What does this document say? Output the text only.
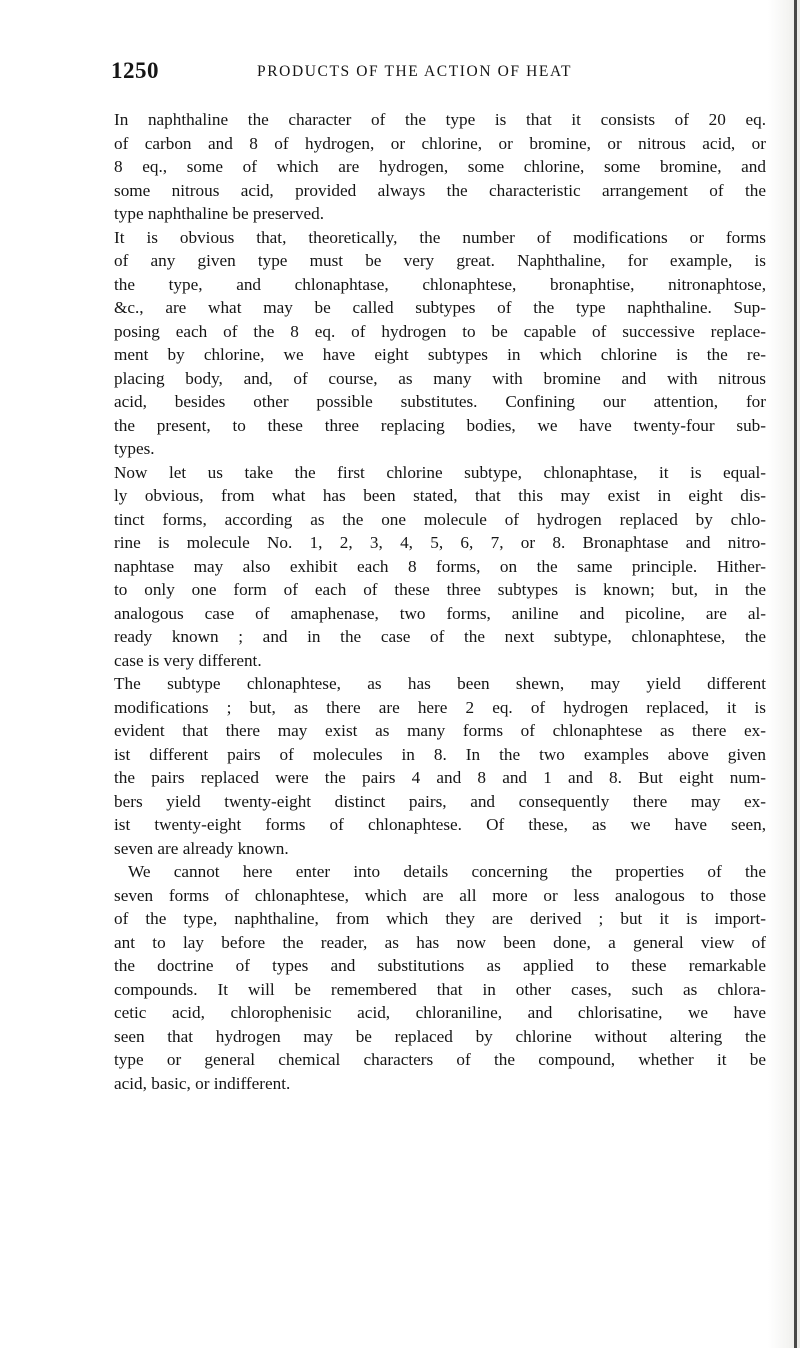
1250	PRODUCTS OF THE ACTION OF HEAT
In naphthaline the character of the type is that it consists of 20 eq.
of carbon and 8 of hydrogen, or chlorine, or bromine, or nitrous acid, or
8 eq., some of which are hydrogen, some chlorine, some bromine, and
some nitrous acid, provided always the characteristic arrangement of the
type naphthaline be preserved.
It is obvious that, theoretically, the number of modifications or forms
of any given type must be very great. Naphthaline, for example, is
the type, and chlonaphtase, chlonaphtese, bronaphtise, nitronaphtose,
&c., are what may be called subtypes of the type naphthaline. Sup-
posing each of the 8 eq. of hydrogen to be capable of successive replace-
ment by chlorine, we have eight subtypes in which chlorine is the re-
placing body, and, of course, as many with bromine and with nitrous
acid, besides other possible substitutes. Confining our attention, for
the present, to these three replacing bodies, we have twenty-four sub-
types.
Now let us take the first chlorine subtype, chlonaphtase, it is equal-
ly obvious, from what has been stated, that this may exist in eight dis-
tinct forms, according as the one molecule of hydrogen replaced by chlo-
rine is molecule No. 1, 2, 3, 4, 5, 6, 7, or 8. Bronaphtase and nitro-
naphtase may also exhibit each 8 forms, on the same principle. Hither-
to only one form of each of these three subtypes is known; but, in the
analogous case of amaphenase, two forms, aniline and picoline, are al-
ready known ; and in the case of the next subtype, chlonaphtese, the
case is very different.
The subtype chlonaphtese, as has been shewn, may yield different
modifications ; but, as there are here 2 eq. of hydrogen replaced, it is
evident that there may exist as many forms of chlonaphtese as there ex-
ist different pairs of molecules in 8. In the two examples above given
the pairs replaced were the pairs 4 and 8 and 1 and 8. But eight num-
bers yield twenty-eight distinct pairs, and consequently there may ex-
ist twenty-eight forms of chlonaphtese. Of these, as we have seen,
seven are already known.
We cannot here enter into details concerning the properties of the
seven forms of chlonaphtese, which are all more or less analogous to those
of the type, naphthaline, from which they are derived ; but it is import-
ant to lay before the reader, as has now been done, a general view of
the doctrine of types and substitutions as applied to these remarkable
compounds. It will be remembered that in other cases, such as chlora-
cetic acid, chlorophenisic acid, chloraniline, and chlorisatine, we have
seen that hydrogen may be replaced by chlorine without altering the
type or general chemical characters of the compound, whether it be
acid, basic, or indifferent.
